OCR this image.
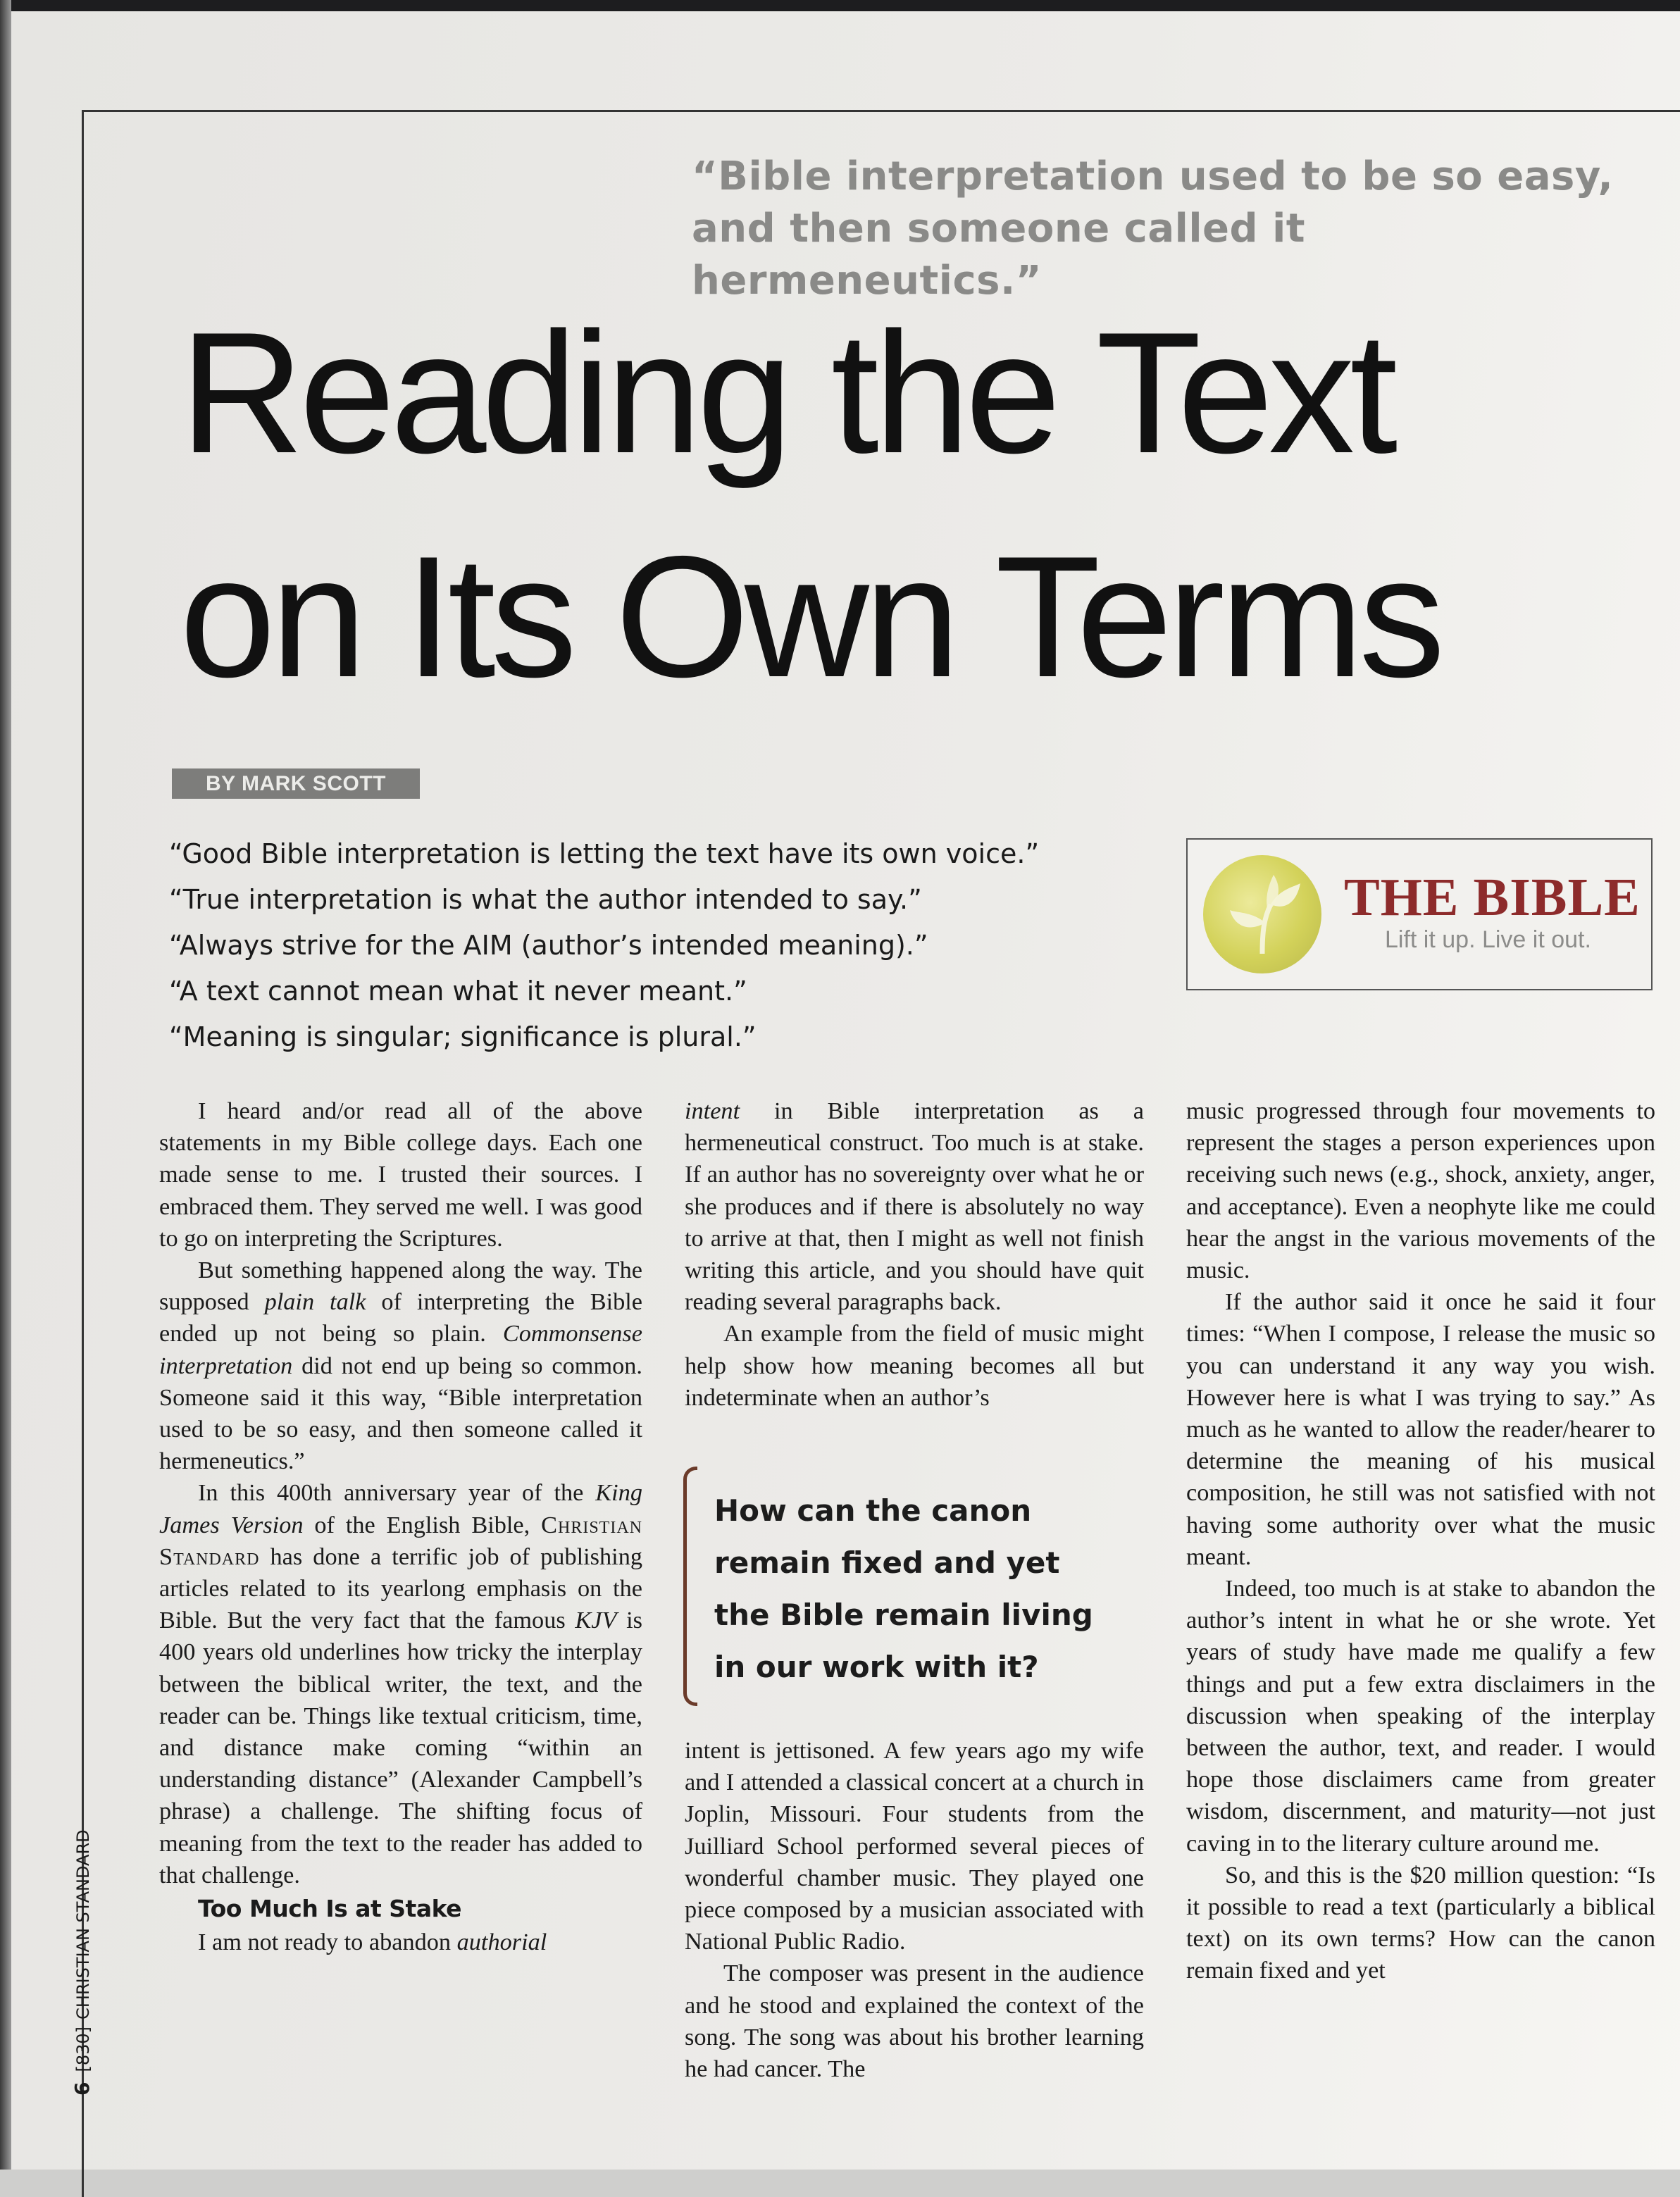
“Bible interpretation used to be so easy,
and then someone called it hermeneutics.”
Reading the Text
on Its Own Terms
BY MARK SCOTT
“Good Bible interpretation is letting the text have its own voice.”
“True interpretation is what the author intended to say.”
“Always strive for the AIM (author’s intended meaning).”
“A text cannot mean what it never meant.”
“Meaning is singular; significance is plural.”
THE BIBLE
Lift it up. Live it out.

I heard and/or read all of the above statements in my Bible college days. Each one made sense to me. I trusted their sources. I embraced them. They served me well. I was good to go on interpreting the Scriptures.

But something happened along the way. The supposed plain talk of interpreting the Bible ended up not being so plain. Commonsense interpretation did not end up being so common. Someone said it this way, “Bible interpretation used to be so easy, and then someone called it hermeneutics.”

In this 400th anniversary year of the King James Version of the English Bible, Christian Standard has done a terrific job of publishing articles related to its yearlong emphasis on the Bible. But the very fact that the famous KJV is 400 years old underlines how tricky the interplay between the biblical writer, the text, and the reader can be. Things like textual criticism, time, and distance make coming “within an understanding distance” (Alexander Campbell’s phrase) a challenge. The shifting focus of meaning from the text to the reader has added to that challenge.

Too Much Is at Stake

I am not ready to abandon authorial

intent in Bible interpretation as a hermeneutical construct. Too much is at stake. If an author has no sovereignty over what he or she produces and if there is absolutely no way to arrive at that, then I might as well not finish writing this article, and you should have quit reading several paragraphs back.

An example from the field of music might help show how meaning becomes all but indeterminate when an author’s

How can the canon
remain fixed and yet
the Bible remain living
in our work with it?

intent is jettisoned. A few years ago my wife and I attended a classical concert at a church in Joplin, Missouri. Four students from the Juilliard School performed several pieces of wonderful chamber music. They played one piece composed by a musician associated with National Public Radio.

The composer was present in the audience and he stood and explained the context of the song. The song was about his brother learning he had cancer. The

music progressed through four movements to represent the stages a person experiences upon receiving such news (e.g., shock, anxiety, anger, and acceptance). Even a neophyte like me could hear the angst in the various movements of the music.

If the author said it once he said it four times: “When I compose, I release the music so you can understand it any way you wish. However here is what I was trying to say.” As much as he wanted to allow the reader/hearer to determine the meaning of his musical composition, he still was not satisfied with not having some authority over what the music meant.

Indeed, too much is at stake to abandon the author’s intent in what he or she wrote. Yet years of study have made me qualify a few things and put a few extra disclaimers in the discussion when speaking of the interplay between the author, text, and reader. I would hope those disclaimers came from greater wisdom, discernment, and maturity—not just caving in to the literary culture around me.

So, and this is the $20 million question: “Is it possible to read a text (particularly a biblical text) on its own terms? How can the canon remain fixed and yet

6[830]CHRISTIAN STANDARD
